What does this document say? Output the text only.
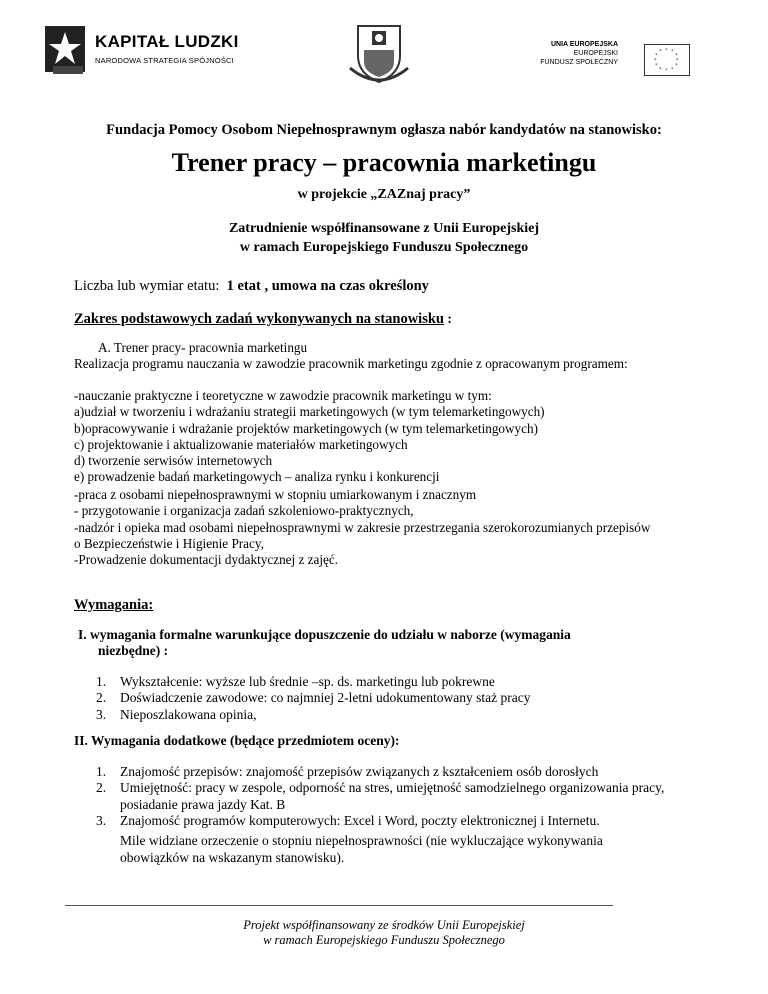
KAPITAŁ LUDZKI
NARODOWA STRATEGIA SPÓJNOŚCI
UNIA EUROPEJSKA
EUROPEJSKI
FUNDUSZ SPOŁECZNY
* *
*
*
*
*
*
*
*
*
*
*
Fundacja Pomocy Osobom Niepełnosprawnym ogłasza nabór kandydatów na stanowisko:
Trener pracy – pracownia marketingu
w projekcie „ZAZnaj pracy”
Zatrudnienie współfinansowane z Unii Europejskiej
w ramach Europejskiego Funduszu Społecznego
Liczba lub wymiar etatu: 1 etat , umowa na czas określony
Zakres podstawowych zadań wykonywanych na stanowisku :
A. Trener pracy- pracownia marketingu
Realizacja programu nauczania w zawodzie pracownik marketingu zgodnie z opracowanym programem:
-nauczanie praktyczne i teoretyczne w zawodzie pracownik marketingu w tym:
a)udział w tworzeniu i wdrażaniu strategii marketingowych (w tym telemarketingowych)
b)opracowywanie i wdrażanie projektów marketingowych (w tym telemarketingowych)
c) projektowanie i aktualizowanie materiałów marketingowych
d) tworzenie serwisów internetowych
e) prowadzenie badań marketingowych – analiza rynku i konkurencji
-praca z osobami niepełnosprawnymi w stopniu umiarkowanym i znacznym
- przygotowanie i organizacja zadań szkoleniowo-praktycznych,
-nadzór i opieka mad osobami niepełnosprawnymi w zakresie przestrzegania szerokorozumianych przepisów
o Bezpieczeństwie i Higienie Pracy,
-Prowadzenie dokumentacji dydaktycznej z zajęć.
Wymagania:
I. wymagania formalne warunkujące dopuszczenie do udziału w naborze (wymagania
niezbędne) :
1. Wykształcenie: wyższe lub średnie –sp. ds. marketingu lub pokrewne
2. Doświadczenie zawodowe: co najmniej 2-letni udokumentowany staż pracy
3. Nieposzlakowana opinia,
II. Wymagania dodatkowe (będące przedmiotem oceny):
1. Znajomość przepisów: znajomość przepisów związanych z kształceniem osób dorosłych
2. Umiejętność: pracy w zespole, odporność na stres, umiejętność samodzielnego organizowania pracy,
posiadanie prawa jazdy Kat. B
3. Znajomość programów komputerowych: Excel i Word, poczty elektronicznej i Internetu.
Mile widziane orzeczenie o stopniu niepełnosprawności (nie wykluczające wykonywania
obowiązków na wskazanym stanowisku).
Projekt współfinansowany ze środków Unii Europejskiej
w ramach Europejskiego Funduszu Społecznego
